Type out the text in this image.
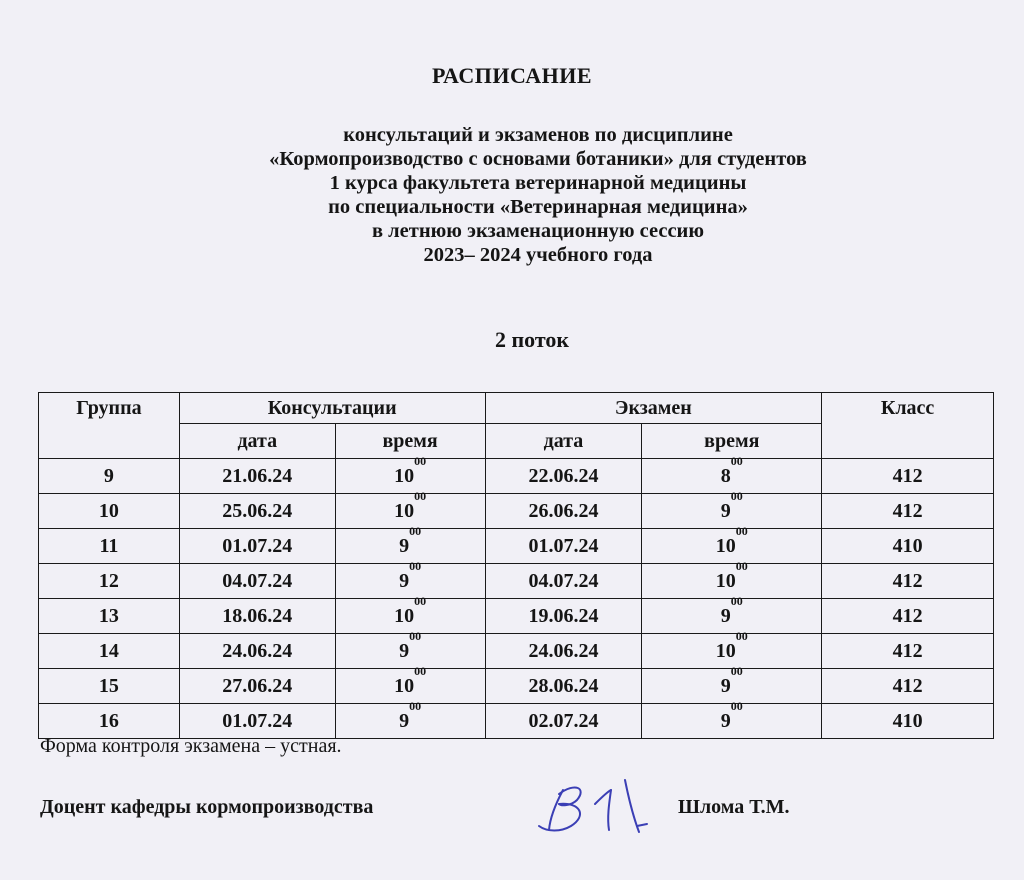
РАСПИСАНИЕ
консультаций и экзаменов по дисциплине
«Кормопроизводство с основами ботаники» для студентов
1 курса факультета ветеринарной медицины
по специальности «Ветеринарная медицина»
в летнюю экзаменационную сессию
2023– 2024 учебного года
2 поток
Группа	Консультации		Экзамен		Класс
	дата	время	дата	время	
9	21.06.24	$10^{00}$	22.06.24	$8^{00}$	412
10	25.06.24	$10^{00}$	26.06.24	$9^{00}$	412
11	01.07.24	$9^{00}$	01.07.24	$10^{00}$	410
12	04.07.24	$9^{00}$	04.07.24	$10^{00}$	412
13	18.06.24	$10^{00}$	19.06.24	$9^{00}$	412
14	24.06.24	$9^{00}$	24.06.24	$10^{00}$	412
15	27.06.24	$10^{00}$	28.06.24	$9^{00}$	412
16	01.07.24	$9^{00}$	02.07.24	$9^{00}$	410
Форма контроля экзамена – устная.
Доцент кафедры кормопроизводства	Шлома Т.М.
